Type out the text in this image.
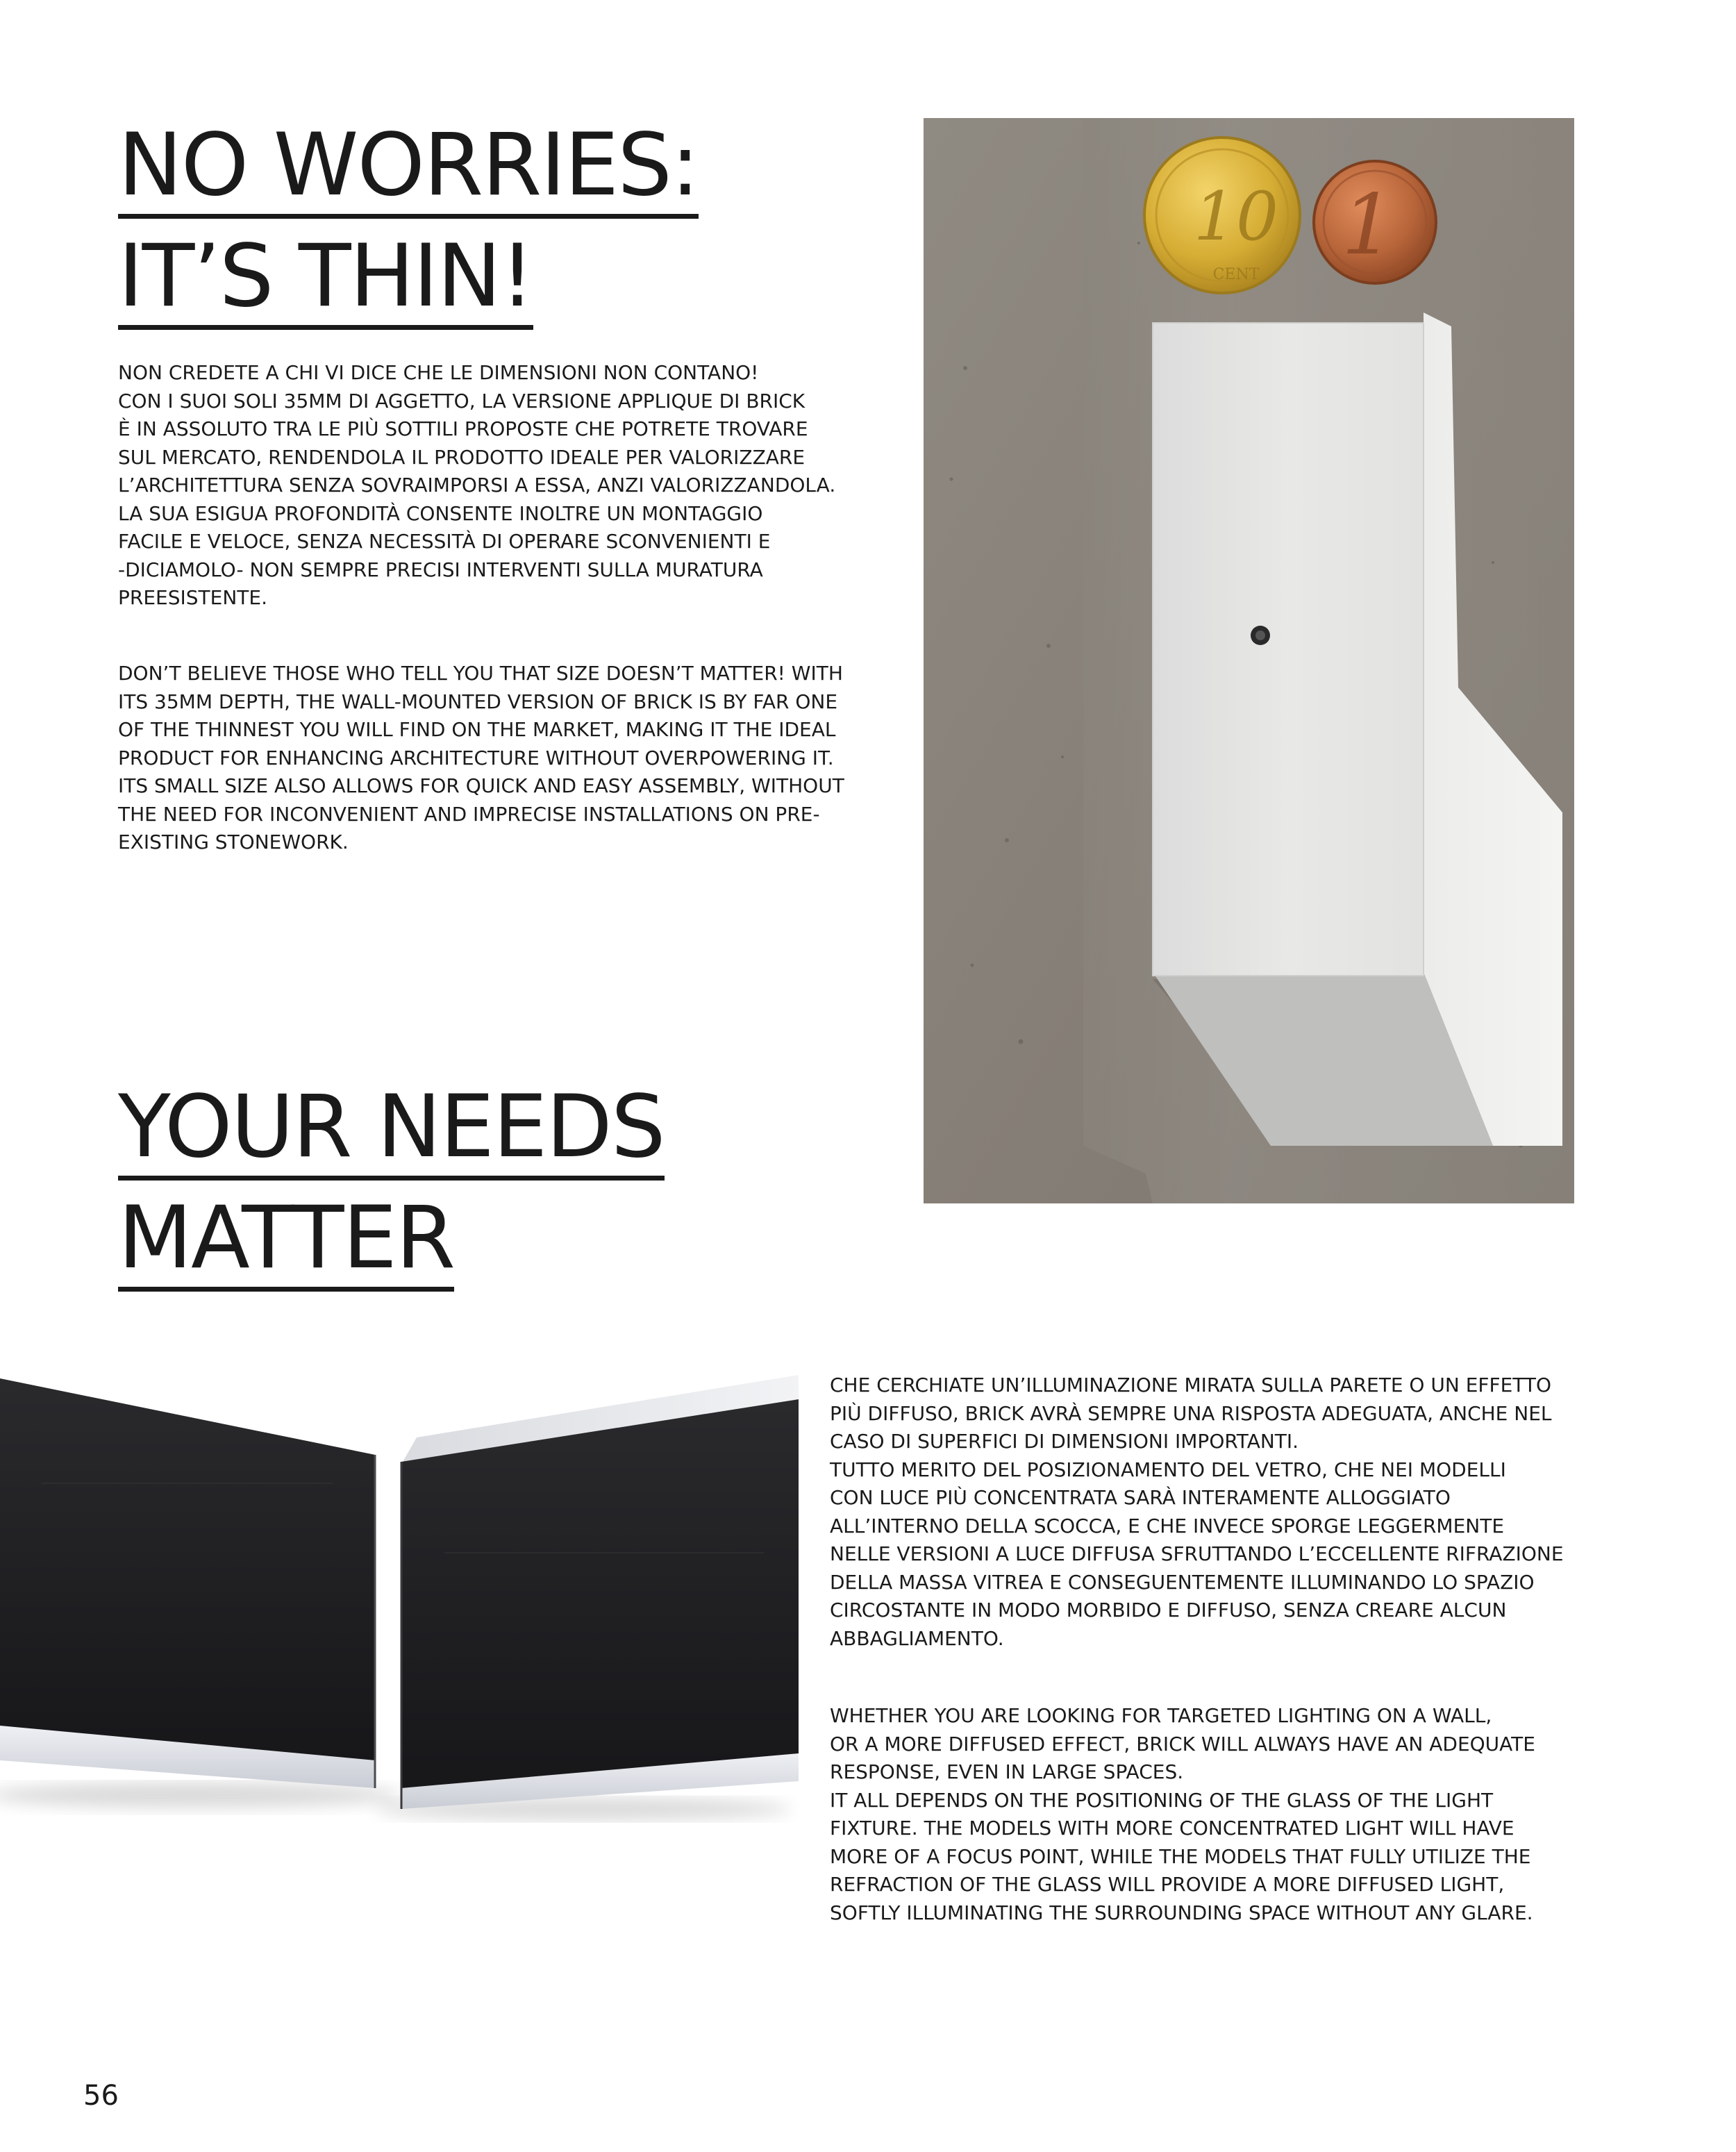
NO WORRIES:
IT’S THIN!
NON CREDETE A CHI VI DICE CHE LE DIMENSIONI NON CONTANO!
CON I SUOI SOLI 35MM DI AGGETTO, LA VERSIONE APPLIQUE DI BRICK
È IN ASSOLUTO TRA LE PIÙ SOTTILI PROPOSTE CHE POTRETE TROVARE
SUL MERCATO, RENDENDOLA IL PRODOTTO IDEALE PER VALORIZZARE
L’ARCHITETTURA SENZA SOVRAIMPORSI A ESSA, ANZI VALORIZZANDOLA.
LA SUA ESIGUA PROFONDITÀ CONSENTE INOLTRE UN MONTAGGIO
FACILE E VELOCE, SENZA NECESSITÀ DI OPERARE SCONVENIENTI E
-DICIAMOLO- NON SEMPRE PRECISI INTERVENTI SULLA MURATURA
PREESISTENTE.
DON’T BELIEVE THOSE WHO TELL YOU THAT SIZE DOESN’T MATTER! WITH
ITS 35MM DEPTH, THE WALL-MOUNTED VERSION OF BRICK IS BY FAR ONE
OF THE THINNEST YOU WILL FIND ON THE MARKET, MAKING IT THE IDEAL
PRODUCT FOR ENHANCING ARCHITECTURE WITHOUT OVERPOWERING IT.
ITS SMALL SIZE ALSO ALLOWS FOR QUICK AND EASY ASSEMBLY, WITHOUT
THE NEED FOR INCONVENIENT AND IMPRECISE INSTALLATIONS ON PRE-
EXISTING STONEWORK.
10
CENT
1
YOUR NEEDS
MATTER
CHE CERCHIATE UN’ILLUMINAZIONE MIRATA SULLA PARETE O UN EFFETTO
PIÙ DIFFUSO, BRICK AVRÀ SEMPRE UNA RISPOSTA ADEGUATA, ANCHE NEL
CASO DI SUPERFICI DI DIMENSIONI IMPORTANTI.
TUTTO MERITO DEL POSIZIONAMENTO DEL VETRO, CHE NEI MODELLI
CON LUCE PIÙ CONCENTRATA SARÀ INTERAMENTE ALLOGGIATO
ALL’INTERNO DELLA SCOCCA, E CHE INVECE SPORGE LEGGERMENTE
NELLE VERSIONI A LUCE DIFFUSA SFRUTTANDO L’ECCELLENTE RIFRAZIONE
DELLA MASSA VITREA E CONSEGUENTEMENTE ILLUMINANDO LO SPAZIO
CIRCOSTANTE IN MODO MORBIDO E DIFFUSO, SENZA CREARE ALCUN
ABBAGLIAMENTO.
WHETHER YOU ARE LOOKING FOR TARGETED LIGHTING ON A WALL,
OR A MORE DIFFUSED EFFECT, BRICK WILL ALWAYS HAVE AN ADEQUATE
RESPONSE, EVEN IN LARGE SPACES.
IT ALL DEPENDS ON THE POSITIONING OF THE GLASS OF THE LIGHT
FIXTURE. THE MODELS WITH MORE CONCENTRATED LIGHT WILL HAVE
MORE OF A FOCUS POINT, WHILE THE MODELS THAT FULLY UTILIZE THE
REFRACTION OF THE GLASS WILL PROVIDE A MORE DIFFUSED LIGHT,
SOFTLY ILLUMINATING THE SURROUNDING SPACE WITHOUT ANY GLARE.
56
